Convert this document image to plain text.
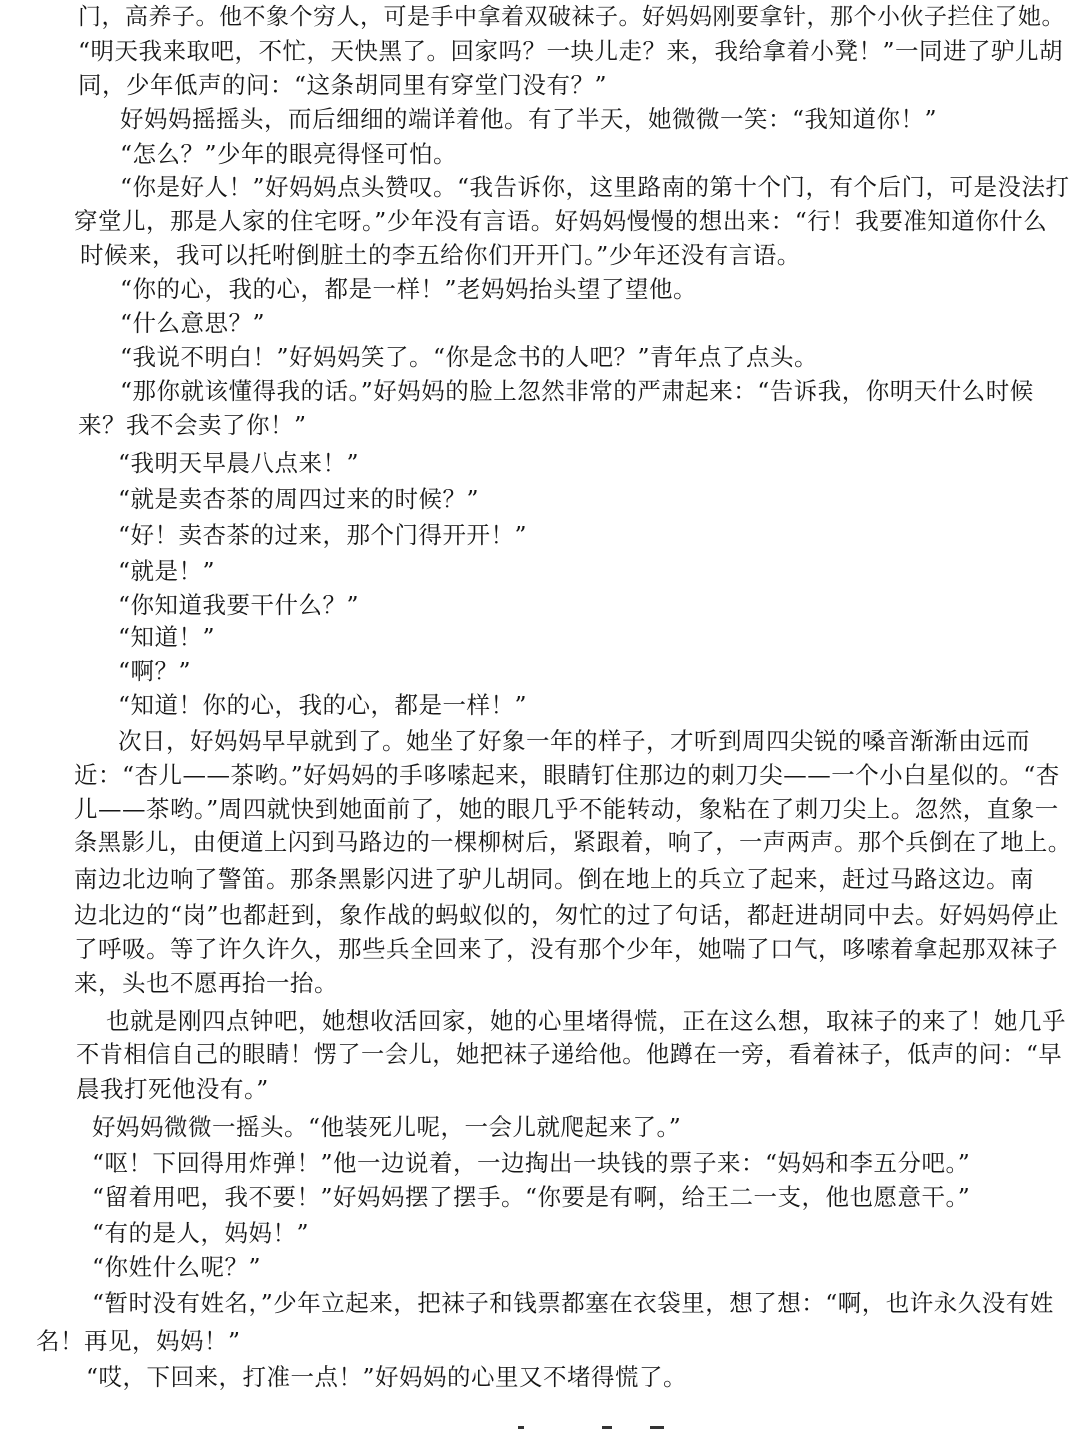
门，高养子。他不象个穷人，可是手中拿着双破袜子。好妈妈刚要拿针，那个小伙子拦住了她。
“明天我来取吧，不忙，天快黑了。回家吗？一块儿走？来，我给拿着小凳！”一同进了驴儿胡
同，少年低声的问：“这条胡同里有穿堂门没有？”
好妈妈摇摇头，而后细细的端详着他。有了半天，她微微一笑：“我知道你！”
“怎么？”少年的眼亮得怪可怕。
“你是好人！”好妈妈点头赞叹。“我告诉你，这里路南的第十个门，有个后门，可是没法打
穿堂儿，那是人家的住宅呀。”少年没有言语。好妈妈慢慢的想出来：“行！我要准知道你什么
时候来，我可以托咐倒脏土的李五给你们开开门。”少年还没有言语。
“你的心，我的心，都是一样！”老妈妈抬头望了望他。
“什么意思？”
“我说不明白！”好妈妈笑了。“你是念书的人吧？”青年点了点头。
“那你就该懂得我的话。”好妈妈的脸上忽然非常的严肃起来：“告诉我，你明天什么时候
来？我不会卖了你！”
“我明天早晨八点来！”
“就是卖杏茶的周四过来的时候？”
“好！卖杏茶的过来，那个门得开开！”
“就是！”
“你知道我要干什么？”
“知道！”
“啊？”
“知道！你的心，我的心，都是一样！”
次日，好妈妈早早就到了。她坐了好象一年的样子，才听到周四尖锐的嗓音渐渐由远而
近：“杏儿——茶哟。”好妈妈的手哆嗦起来，眼睛钉住那边的刺刀尖——一个小白星似的。“杏
儿——茶哟。”周四就快到她面前了，她的眼几乎不能转动，象粘在了刺刀尖上。忽然，直象一
条黑影儿，由便道上闪到马路边的一棵柳树后，紧跟着，响了，一声两声。那个兵倒在了地上。
南边北边响了警笛。那条黑影闪进了驴儿胡同。倒在地上的兵立了起来，赶过马路这边。南
边北边的“岗”也都赶到，象作战的蚂蚁似的，匆忙的过了句话，都赶进胡同中去。好妈妈停止
了呼吸。等了许久许久，那些兵全回来了，没有那个少年，她喘了口气，哆嗦着拿起那双袜子
来，头也不愿再抬一抬。
也就是刚四点钟吧，她想收活回家，她的心里堵得慌，正在这么想，取袜子的来了！她几乎
不肯相信自己的眼睛！愣了一会儿，她把袜子递给他。他蹲在一旁，看着袜子，低声的问：“早
晨我打死他没有。”
好妈妈微微一摇头。“他装死儿呢，一会儿就爬起来了。”
“呕！下回得用炸弹！”他一边说着，一边掏出一块钱的票子来：“妈妈和李五分吧。”
“留着用吧，我不要！”好妈妈摆了摆手。“你要是有啊，给王二一支，他也愿意干。”
“有的是人，妈妈！”
“你姓什么呢？”
“暂时没有姓名，”少年立起来，把袜子和钱票都塞在衣袋里，想了想：“啊，也许永久没有姓
名！再见，妈妈！”
“哎，下回来，打准一点！”好妈妈的心里又不堵得慌了。
